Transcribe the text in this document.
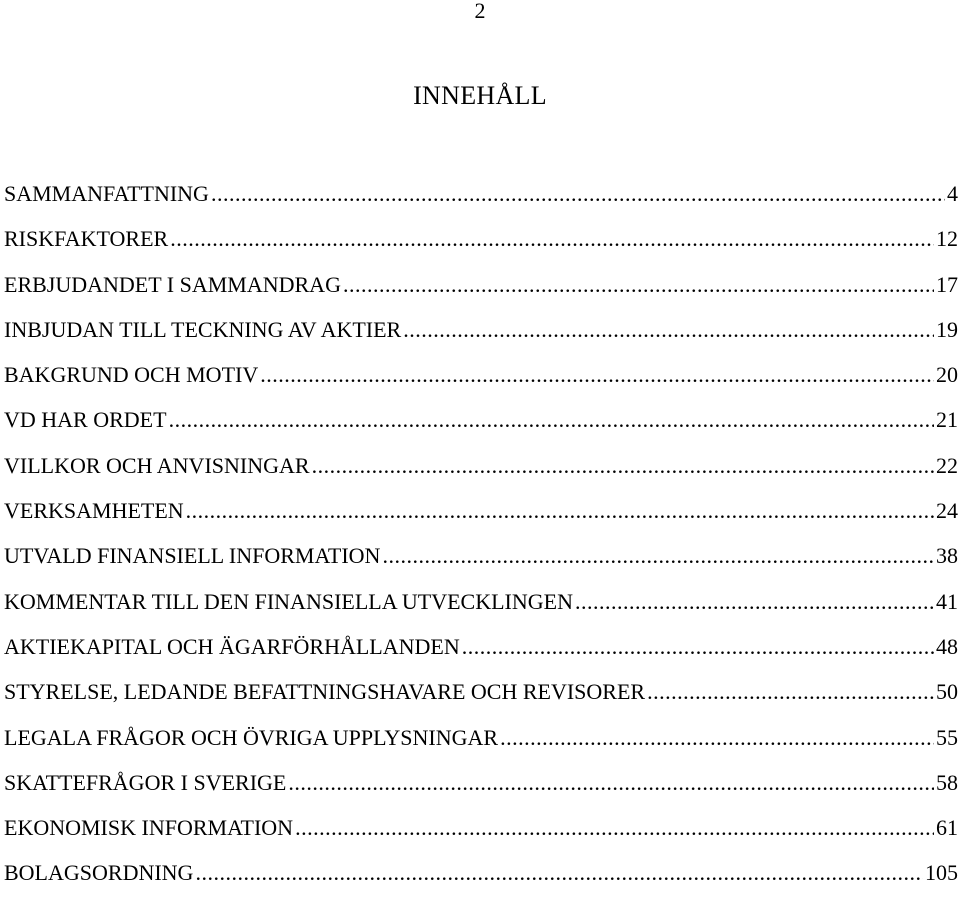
2
INNEHÅLL
SAMMANFATTNING .....	4
RISKFAKTORER .....	12
ERBJUDANDET I SAMMANDRAG .....	17
INBJUDAN TILL TECKNING AV AKTIER .....	19
BAKGRUND OCH MOTIV .....	20
VD HAR ORDET .....	21
VILLKOR OCH ANVISNINGAR .....	22
VERKSAMHETEN .....	24
UTVALD FINANSIELL INFORMATION .....	38
KOMMENTAR TILL DEN FINANSIELLA UTVECKLINGEN .....	41
AKTIEKAPITAL OCH ÄGARFÖRHÅLLANDEN .....	48
STYRELSE, LEDANDE BEFATTNINGSHAVARE OCH REVISORER .....	50
LEGALA FRÅGOR OCH ÖVRIGA UPPLYSNINGAR .....	55
SKATTEFRÅGOR I SVERIGE .....	58
EKONOMISK INFORMATION .....	61
BOLAGSORDNING .....	105
